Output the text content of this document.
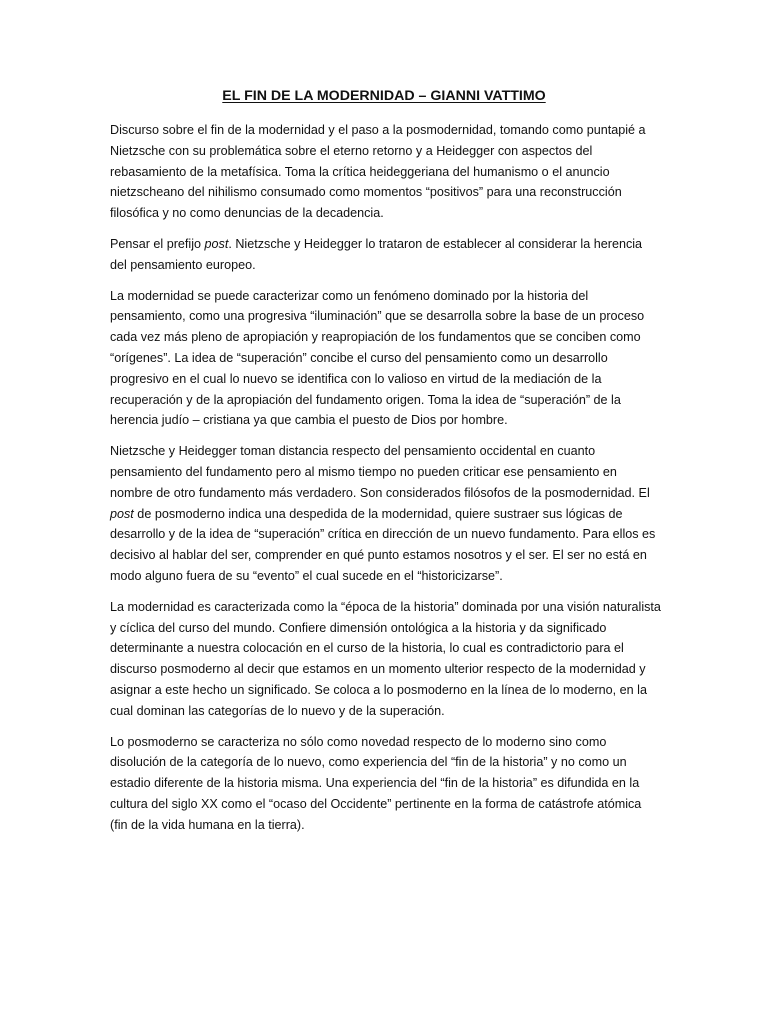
EL FIN DE LA MODERNIDAD – GIANNI VATTIMO

Discurso sobre el fin de la modernidad y el paso a la posmodernidad, tomando como puntapié a Nietzsche con su problemática sobre el eterno retorno y a Heidegger con aspectos del rebasamiento de la metafísica. Toma la crítica heideggeriana del humanismo o el anuncio nietzscheano del nihilismo consumado como momentos “positivos” para una reconstrucción filosófica y no como denuncias de la decadencia.

Pensar el prefijo post. Nietzsche y Heidegger lo trataron de establecer al considerar la herencia del pensamiento europeo.

La modernidad se puede caracterizar como un fenómeno dominado por la historia del pensamiento, como una progresiva “iluminación” que se desarrolla sobre la base de un proceso cada vez más pleno de apropiación y reapropiación de los fundamentos que se conciben como “orígenes”. La idea de “superación” concibe el curso del pensamiento como un desarrollo progresivo en el cual lo nuevo se identifica con lo valioso en virtud de la mediación de la recuperación y de la apropiación del fundamento origen. Toma la idea de “superación” de la herencia judío – cristiana ya que cambia el puesto de Dios por hombre.

Nietzsche y Heidegger toman distancia respecto del pensamiento occidental en cuanto pensamiento del fundamento pero al mismo tiempo no pueden criticar ese pensamiento en nombre de otro fundamento más verdadero. Son considerados filósofos de la posmodernidad. El post de posmoderno indica una despedida de la modernidad, quiere sustraer sus lógicas de desarrollo y de la idea de “superación” crítica en dirección de un nuevo fundamento. Para ellos es decisivo al hablar del ser, comprender en qué punto estamos nosotros y el ser. El ser no está en modo alguno fuera de su “evento” el cual sucede en el “historicizarse”.

La modernidad es caracterizada como la “época de la historia” dominada por una visión naturalista y cíclica del curso del mundo. Confiere dimensión ontológica a la historia y da significado determinante a nuestra colocación en el curso de la historia, lo cual es contradictorio para el discurso posmoderno al decir que estamos en un momento ulterior respecto de la modernidad y asignar a este hecho un significado. Se coloca a lo posmoderno en la línea de lo moderno, en la cual dominan las categorías de lo nuevo y de la superación.

Lo posmoderno se caracteriza no sólo como novedad respecto de lo moderno sino como disolución de la categoría de lo nuevo, como experiencia del “fin de la historia” y no como un estadio diferente de la historia misma. Una experiencia del “fin de la historia” es difundida en la cultura del siglo XX como el “ocaso del Occidente” pertinente en la forma de catástrofe atómica (fin de la vida humana en la tierra).
